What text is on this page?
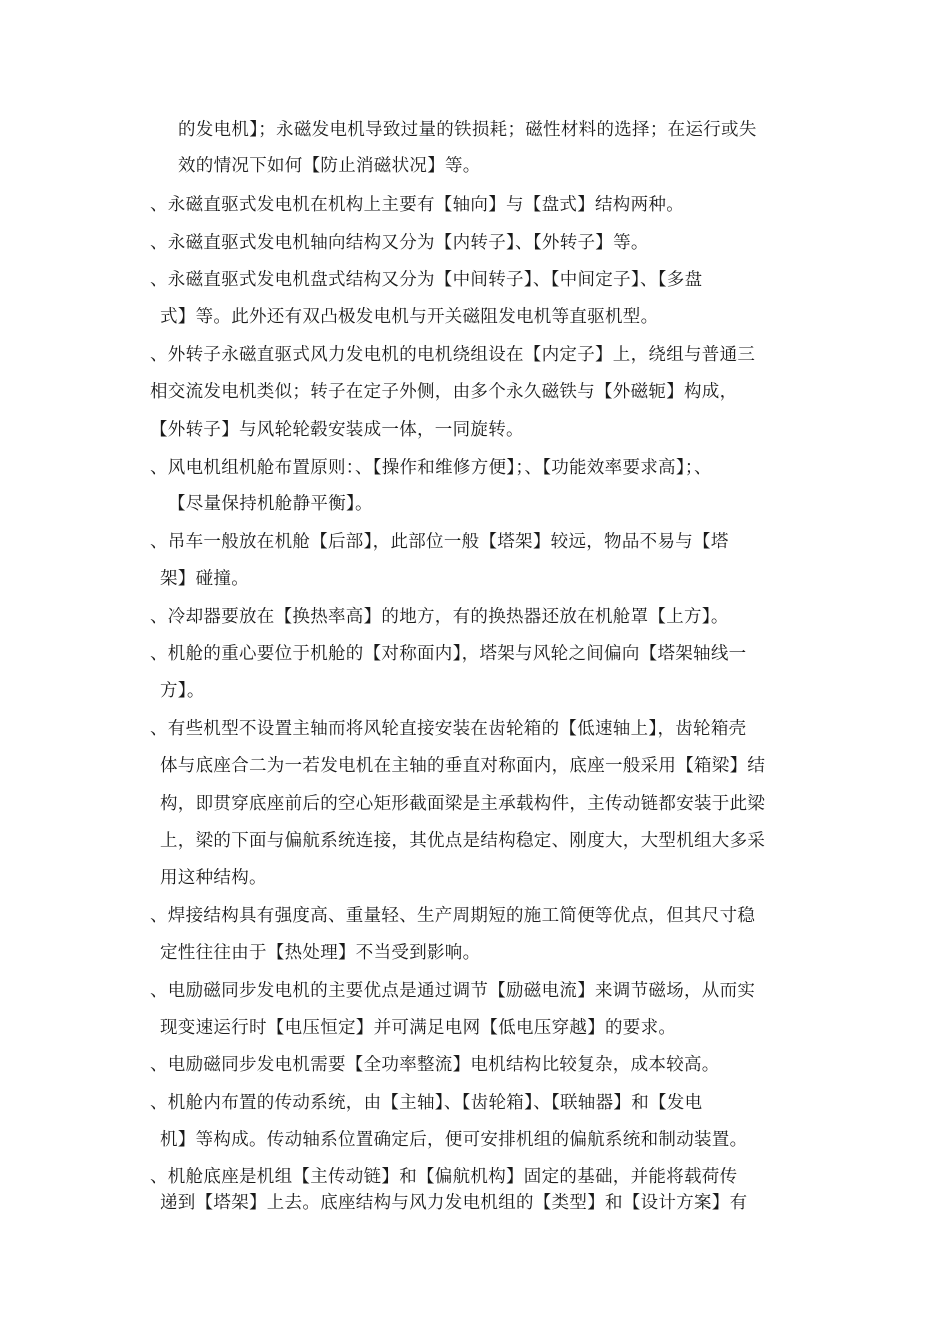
的发电机】；永磁发电机导致过量的铁损耗；磁性材料的选择；在运行或失
效的情况下如何【防止消磁状况】等。
、永磁直驱式发电机在机构上主要有【轴向】与【盘式】结构两种。
、永磁直驱式发电机轴向结构又分为【内转子】、【外转子】等。
、永磁直驱式发电机盘式结构又分为【中间转子】、【中间定子】、【多盘
式】等。此外还有双凸极发电机与开关磁阻发电机等直驱机型。
、外转子永磁直驱式风力发电机的电机绕组设在【内定子】上，绕组与普通三
相交流发电机类似；转子在定子外侧，由多个永久磁铁与【外磁轭】构成，
【外转子】与风轮轮毂安装成一体，一同旋转。
、风电机组机舱布置原则：、【操作和维修方便】；、【功能效率要求高】；、
【尽量保持机舱静平衡】。
、吊车一般放在机舱【后部】，此部位一般【塔架】较远，物品不易与【塔
架】碰撞。
、冷却器要放在【换热率高】的地方，有的换热器还放在机舱罩【上方】。
、机舱的重心要位于机舱的【对称面内】，塔架与风轮之间偏向【塔架轴线一
方】。
、有些机型不设置主轴而将风轮直接安装在齿轮箱的【低速轴上】，齿轮箱壳
体与底座合二为一若发电机在主轴的垂直对称面内，底座一般采用【箱梁】结
构，即贯穿底座前后的空心矩形截面梁是主承载构件，主传动链都安装于此梁
上，梁的下面与偏航系统连接，其优点是结构稳定、刚度大，大型机组大多采
用这种结构。
、焊接结构具有强度高、重量轻、生产周期短的施工简便等优点，但其尺寸稳
定性往往由于【热处理】不当受到影响。
、电励磁同步发电机的主要优点是通过调节【励磁电流】来调节磁场，从而实
现变速运行时【电压恒定】并可满足电网【低电压穿越】的要求。
、电励磁同步发电机需要【全功率整流】电机结构比较复杂，成本较高。
、机舱内布置的传动系统，由【主轴】、【齿轮箱】、【联轴器】和【发电
机】等构成。传动轴系位置确定后，便可安排机组的偏航系统和制动装置。
、机舱底座是机组【主传动链】和【偏航机构】固定的基础，并能将载荷传
递到【塔架】上去。底座结构与风力发电机组的【类型】和【设计方案】有
